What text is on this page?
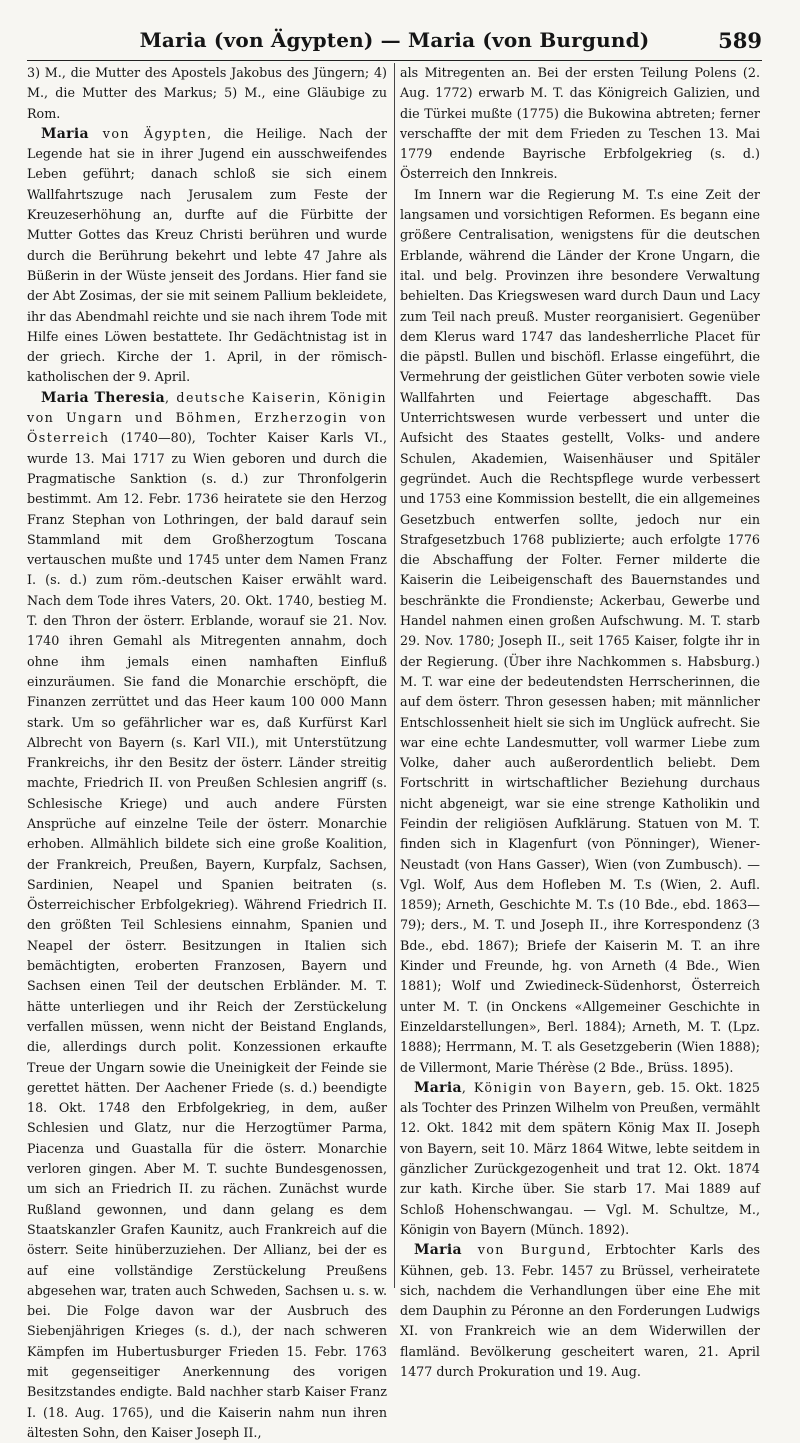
Maria (von Ägypten) — Maria (von Burgund)	589

3) M., die Mutter des Apostels Jakobus des Jüngern; 4) M., die Mutter des Markus; 5) M., eine Gläubige zu Rom.

Maria von Ägypten, die Heilige. Nach der Legende hat sie in ihrer Jugend ein ausschweifendes Leben geführt; danach schloß sie sich einem Wallfahrtszuge nach Jerusalem zum Feste der Kreuzeserhöhung an, durfte auf die Fürbitte der Mutter Gottes das Kreuz Christi berühren und wurde durch die Berührung bekehrt und lebte 47 Jahre als Büßerin in der Wüste jenseit des Jordans. Hier fand sie der Abt Zosimas, der sie mit seinem Pallium bekleidete, ihr das Abendmahl reichte und sie nach ihrem Tode mit Hilfe eines Löwen bestattete. Ihr Gedächtnistag ist in der griech. Kirche der 1. April, in der römisch-katholischen der 9. April.

Maria Theresia, deutsche Kaiserin, Königin von Ungarn und Böhmen, Erzherzogin von Österreich (1740—80), Tochter Kaiser Karls VI., wurde 13. Mai 1717 zu Wien geboren und durch die Pragmatische Sanktion (s. d.) zur Thronfolgerin bestimmt. Am 12. Febr. 1736 heiratete sie den Herzog Franz Stephan von Lothringen, der bald darauf sein Stammland mit dem Großherzogtum Toscana vertauschen mußte und 1745 unter dem Namen Franz I. (s. d.) zum röm.-deutschen Kaiser erwählt ward. Nach dem Tode ihres Vaters, 20. Okt. 1740, bestieg M. T. den Thron der österr. Erblande, worauf sie 21. Nov. 1740 ihren Gemahl als Mitregenten annahm, doch ohne ihm jemals einen namhaften Einfluß einzuräumen. Sie fand die Monarchie erschöpft, die Finanzen zerrüttet und das Heer kaum 100 000 Mann stark. Um so gefährlicher war es, daß Kurfürst Karl Albrecht von Bayern (s. Karl VII.), mit Unterstützung Frankreichs, ihr den Besitz der österr. Länder streitig machte, Friedrich II. von Preußen Schlesien angriff (s. Schlesische Kriege) und auch andere Fürsten Ansprüche auf einzelne Teile der österr. Monarchie erhoben. Allmählich bildete sich eine große Koalition, der Frankreich, Preußen, Bayern, Kurpfalz, Sachsen, Sardinien, Neapel und Spanien beitraten (s. Österreichischer Erbfolgekrieg). Während Friedrich II. den größten Teil Schlesiens einnahm, Spanien und Neapel der österr. Besitzungen in Italien sich bemächtigten, eroberten Franzosen, Bayern und Sachsen einen Teil der deutschen Erbländer. M. T. hätte unterliegen und ihr Reich der Zerstückelung verfallen müssen, wenn nicht der Beistand Englands, die, allerdings durch polit. Konzessionen erkaufte Treue der Ungarn sowie die Uneinigkeit der Feinde sie gerettet hätten. Der Aachener Friede (s. d.) beendigte 18. Okt. 1748 den Erbfolgekrieg, in dem, außer Schlesien und Glatz, nur die Herzogtümer Parma, Piacenza und Guastalla für die österr. Monarchie verloren gingen. Aber M. T. suchte Bundesgenossen, um sich an Friedrich II. zu rächen. Zunächst wurde Rußland gewonnen, und dann gelang es dem Staatskanzler Grafen Kaunitz, auch Frankreich auf die österr. Seite hinüberzuziehen. Der Allianz, bei der es auf eine vollständige Zerstückelung Preußens abgesehen war, traten auch Schweden, Sachsen u. s. w. bei. Die Folge davon war der Ausbruch des Siebenjährigen Krieges (s. d.), der nach schweren Kämpfen im Hubertusburger Frieden 15. Febr. 1763 mit gegenseitiger Anerkennung des vorigen Besitzstandes endigte. Bald nachher starb Kaiser Franz I. (18. Aug. 1765), und die Kaiserin nahm nun ihren ältesten Sohn, den Kaiser Joseph II.,

als Mitregenten an. Bei der ersten Teilung Polens (2. Aug. 1772) erwarb M. T. das Königreich Galizien, und die Türkei mußte (1775) die Bukowina abtreten; ferner verschaffte der mit dem Frieden zu Teschen 13. Mai 1779 endende Bayrische Erbfolgekrieg (s. d.) Österreich den Innkreis.

Im Innern war die Regierung M. T.s eine Zeit der langsamen und vorsichtigen Reformen. Es begann eine größere Centralisation, wenigstens für die deutschen Erblande, während die Länder der Krone Ungarn, die ital. und belg. Provinzen ihre besondere Verwaltung behielten. Das Kriegswesen ward durch Daun und Lacy zum Teil nach preuß. Muster reorganisiert. Gegenüber dem Klerus ward 1747 das landesherrliche Placet für die päpstl. Bullen und bischöfl. Erlasse eingeführt, die Vermehrung der geistlichen Güter verboten sowie viele Wallfahrten und Feiertage abgeschafft. Das Unterrichtswesen wurde verbessert und unter die Aufsicht des Staates gestellt, Volks- und andere Schulen, Akademien, Waisenhäuser und Spitäler gegründet. Auch die Rechtspflege wurde verbessert und 1753 eine Kommission bestellt, die ein allgemeines Gesetzbuch entwerfen sollte, jedoch nur ein Strafgesetzbuch 1768 publizierte; auch erfolgte 1776 die Abschaffung der Folter. Ferner milderte die Kaiserin die Leibeigenschaft des Bauernstandes und beschränkte die Frondienste; Ackerbau, Gewerbe und Handel nahmen einen großen Aufschwung. M. T. starb 29. Nov. 1780; Joseph II., seit 1765 Kaiser, folgte ihr in der Regierung. (Über ihre Nachkommen s. Habsburg.) M. T. war eine der bedeutendsten Herrscherinnen, die auf dem österr. Thron gesessen haben; mit männlicher Entschlossenheit hielt sie sich im Unglück aufrecht. Sie war eine echte Landesmutter, voll warmer Liebe zum Volke, daher auch außerordentlich beliebt. Dem Fortschritt in wirtschaftlicher Beziehung durchaus nicht abgeneigt, war sie eine strenge Katholikin und Feindin der religiösen Aufklärung. Statuen von M. T. finden sich in Klagenfurt (von Pönninger), Wiener-Neustadt (von Hans Gasser), Wien (von Zumbusch). — Vgl. Wolf, Aus dem Hofleben M. T.s (Wien, 2. Aufl. 1859); Arneth, Geschichte M. T.s (10 Bde., ebd. 1863—79); ders., M. T. und Joseph II., ihre Korrespondenz (3 Bde., ebd. 1867); Briefe der Kaiserin M. T. an ihre Kinder und Freunde, hg. von Arneth (4 Bde., Wien 1881); Wolf und Zwiedineck-Südenhorst, Österreich unter M. T. (in Onckens «Allgemeiner Geschichte in Einzeldarstellungen», Berl. 1884); Arneth, M. T. (Lpz. 1888); Herrmann, M. T. als Gesetzgeberin (Wien 1888); de Villermont, Marie Thérèse (2 Bde., Brüss. 1895).

Maria, Königin von Bayern, geb. 15. Okt. 1825 als Tochter des Prinzen Wilhelm von Preußen, vermählt 12. Okt. 1842 mit dem spätern König Max II. Joseph von Bayern, seit 10. März 1864 Witwe, lebte seitdem in gänzlicher Zurückgezogenheit und trat 12. Okt. 1874 zur kath. Kirche über. Sie starb 17. Mai 1889 auf Schloß Hohenschwangau. — Vgl. M. Schultze, M., Königin von Bayern (Münch. 1892).

Maria von Burgund, Erbtochter Karls des Kühnen, geb. 13. Febr. 1457 zu Brüssel, verheiratete sich, nachdem die Verhandlungen über eine Ehe mit dem Dauphin zu Péronne an den Forderungen Ludwigs XI. von Frankreich wie an dem Widerwillen der flamländ. Bevölkerung gescheitert waren, 21. April 1477 durch Prokuration und 19. Aug.
